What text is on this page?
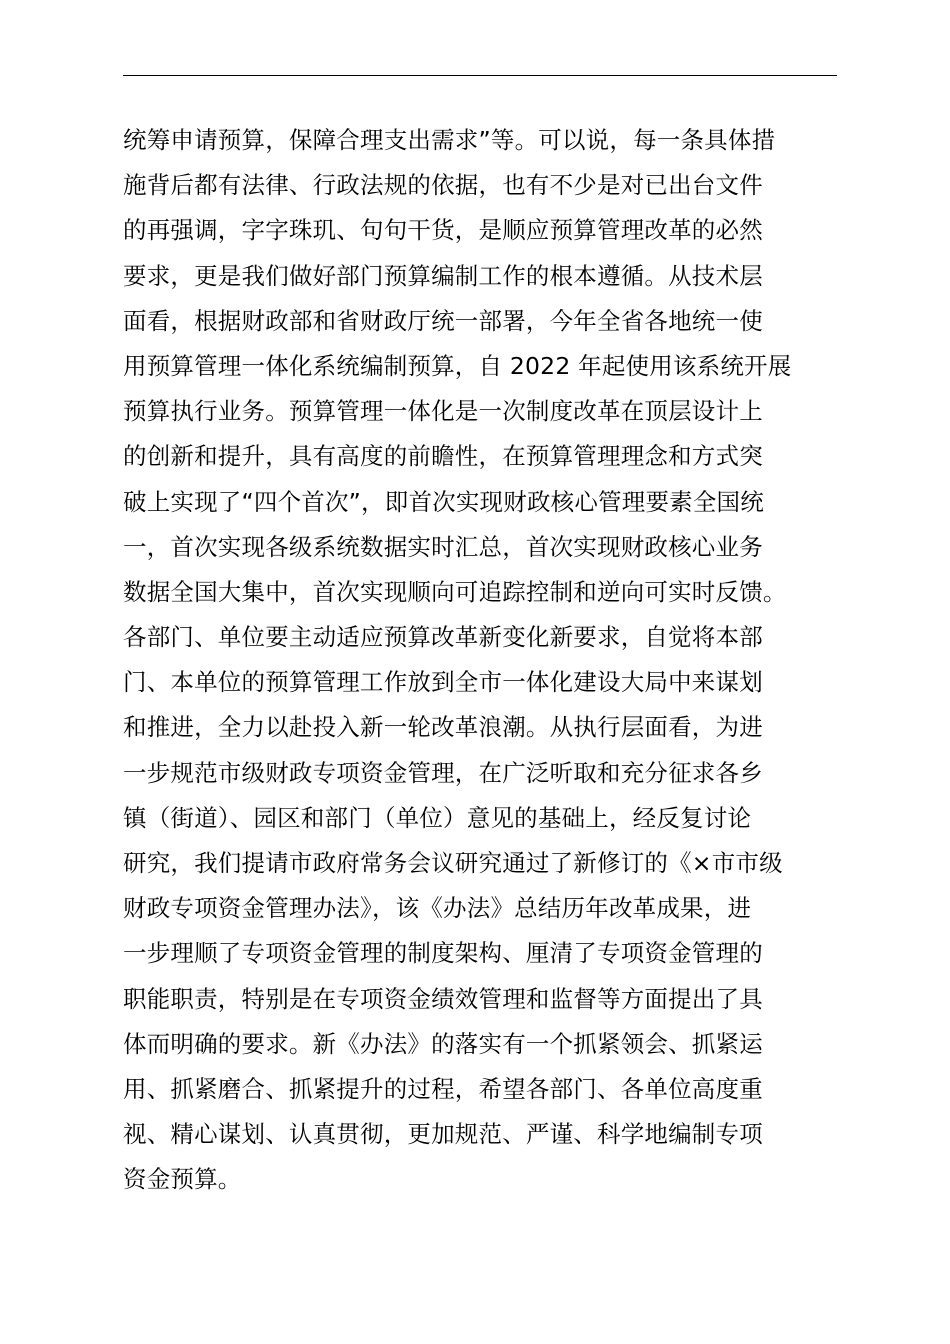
统筹申请预算，保障合理支出需求”等。可以说，每一条具体措
施背后都有法律、行政法规的依据，也有不少是对已出台文件
的再强调，字字珠玑、句句干货，是顺应预算管理改革的必然
要求，更是我们做好部门预算编制工作的根本遵循。从技术层
面看，根据财政部和省财政厅统一部署，今年全省各地统一使
用预算管理一体化系统编制预算，自 2022 年起使用该系统开展
预算执行业务。预算管理一体化是一次制度改革在顶层设计上
的创新和提升，具有高度的前瞻性，在预算管理理念和方式突
破上实现了“四个首次”，即首次实现财政核心管理要素全国统
一，首次实现各级系统数据实时汇总，首次实现财政核心业务
数据全国大集中，首次实现顺向可追踪控制和逆向可实时反馈。
各部门、单位要主动适应预算改革新变化新要求，自觉将本部
门、本单位的预算管理工作放到全市一体化建设大局中来谋划
和推进，全力以赴投入新一轮改革浪潮。从执行层面看，为进
一步规范市级财政专项资金管理，在广泛听取和充分征求各乡
镇（街道）、园区和部门（单位）意见的基础上，经反复讨论
研究，我们提请市政府常务会议研究通过了新修订的《×市市级
财政专项资金管理办法》，该《办法》总结历年改革成果，进
一步理顺了专项资金管理的制度架构、厘清了专项资金管理的
职能职责，特别是在专项资金绩效管理和监督等方面提出了具
体而明确的要求。新《办法》的落实有一个抓紧领会、抓紧运
用、抓紧磨合、抓紧提升的过程，希望各部门、各单位高度重
视、精心谋划、认真贯彻，更加规范、严谨、科学地编制专项
资金预算。
